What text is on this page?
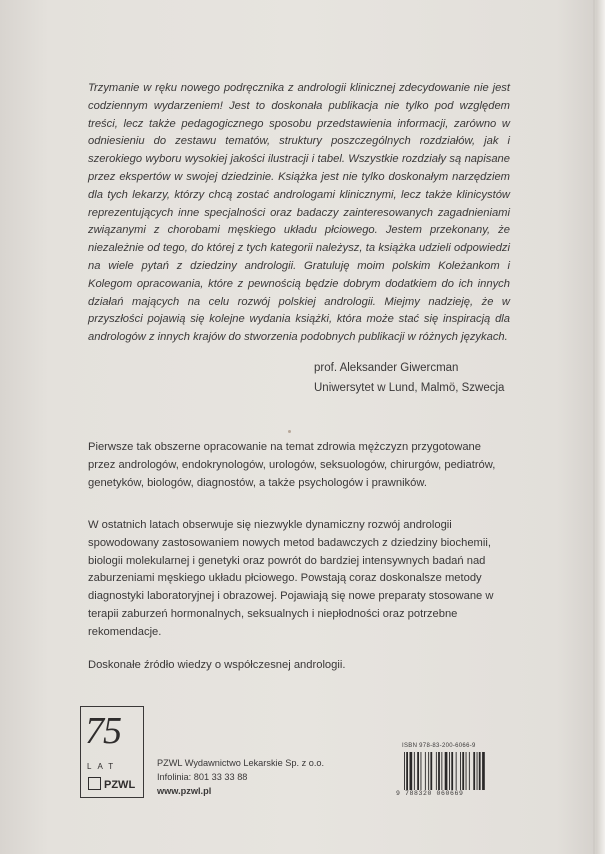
Trzymanie w ręku nowego podręcznika z andrologii klinicznej zdecydowanie nie jest codziennym wydarzeniem! Jest to doskonała publikacja nie tylko pod względem treści, lecz także pedagogicznego sposobu przedstawienia informacji, zarówno w odniesieniu do zestawu tematów, struktury poszczególnych rozdziałów, jak i szerokiego wyboru wysokiej jakości ilustracji i tabel. Wszystkie rozdziały są napisane przez ekspertów w swojej dziedzinie. Książka jest nie tylko doskonałym narzędziem dla tych lekarzy, którzy chcą zostać andrologami klinicznymi, lecz także klinicystów reprezentujących inne specjalności oraz badaczy zainteresowanych zagadnieniami związanymi z chorobami męskiego układu płciowego. Jestem przekonany, że niezależnie od tego, do której z tych kategorii należysz, ta książka udzieli odpowiedzi na wiele pytań z dziedziny andrologii. Gratuluję moim polskim Koleżankom i Kolegom opracowania, które z pewnością będzie dobrym dodatkiem do ich innych działań mających na celu rozwój polskiej andrologii. Miejmy nadzieję, że w przyszłości pojawią się kolejne wydania książki, która może stać się inspiracją dla andrologów z innych krajów do stworzenia podobnych publikacji w różnych językach.
prof. Aleksander Giwercman
Uniwersytet w Lund, Malmö, Szwecja
Pierwsze tak obszerne opracowanie na temat zdrowia mężczyzn przygotowane przez andrologów, endokrynologów, urologów, seksuologów, chirurgów, pediatrów, genetyków, biologów, diagnostów, a także psychologów i prawników.
W ostatnich latach obserwuje się niezwykle dynamiczny rozwój andrologii spowodowany zastosowaniem nowych metod badawczych z dziedziny biochemii, biologii molekularnej i genetyki oraz powrót do bardziej intensywnych badań nad zaburzeniami męskiego układu płciowego. Powstają coraz doskonalsze metody diagnostyki laboratoryjnej i obrazowej. Pojawiają się nowe preparaty stosowane w terapii zaburzeń hormonalnych, seksualnych i niepłodności oraz potrzebne rekomendacje.
Doskonałe źródło wiedzy o współczesnej andrologii.
75
LAT
PZWL
PZWL Wydawnictwo Lekarskie Sp. z o.o.
Infolinia: 801 33 33 88
www.pzwl.pl
ISBN 978-83-200-6066-9
9 788320 060669
